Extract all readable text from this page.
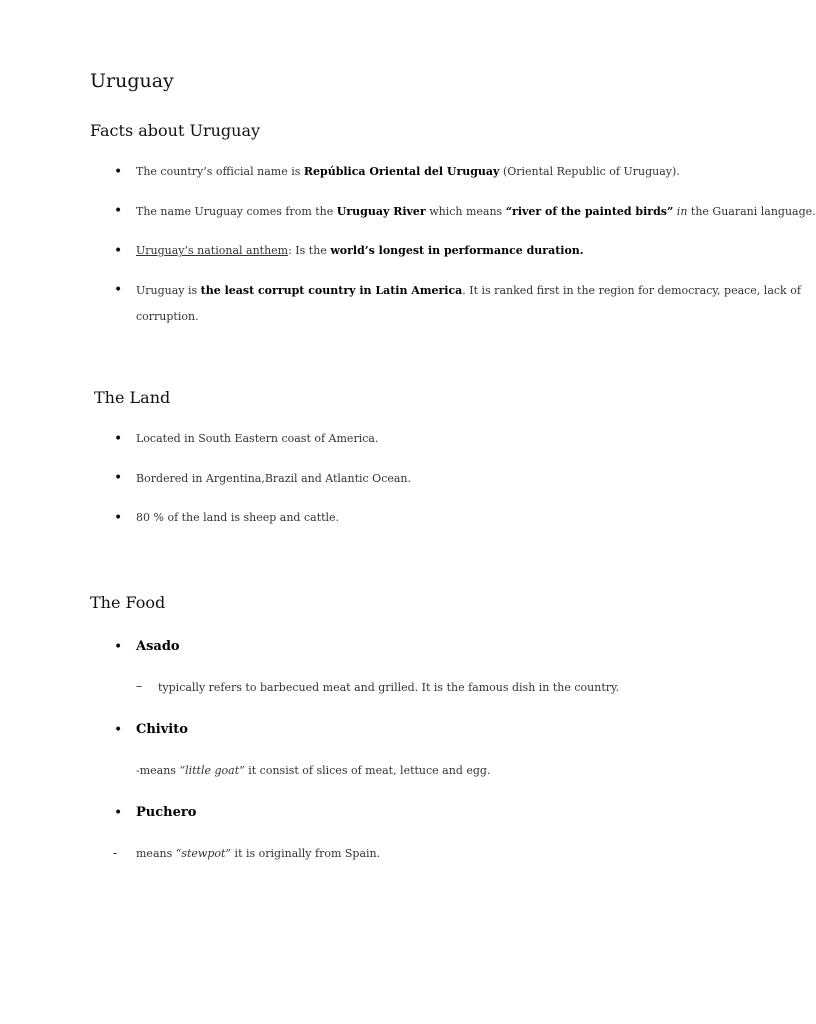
Uruguay
Facts about Uruguay
• The country’s official name is República Oriental del Uruguay (Oriental Republic of Uruguay).
• The name Uruguay comes from the Uruguay River which means “river of the painted birds” in the Guarani language.
• Uruguay’s national anthem: Is the world’s longest in performance duration.
• Uruguay is the least corrupt country in Latin America. It is ranked first in the region for democracy, peace, lack of
corruption.
The Land
• Located in South Eastern coast of America.
• Bordered in Argentina,Brazil and Atlantic Ocean.
• 80 % of the land is sheep and cattle.
The Food
• Asado
– typically refers to barbecued meat and grilled. It is the famous dish in the country.
• Chivito
-means “little goat” it consist of slices of meat, lettuce and egg.
• Puchero
- means “stewpot” it is originally from Spain.
